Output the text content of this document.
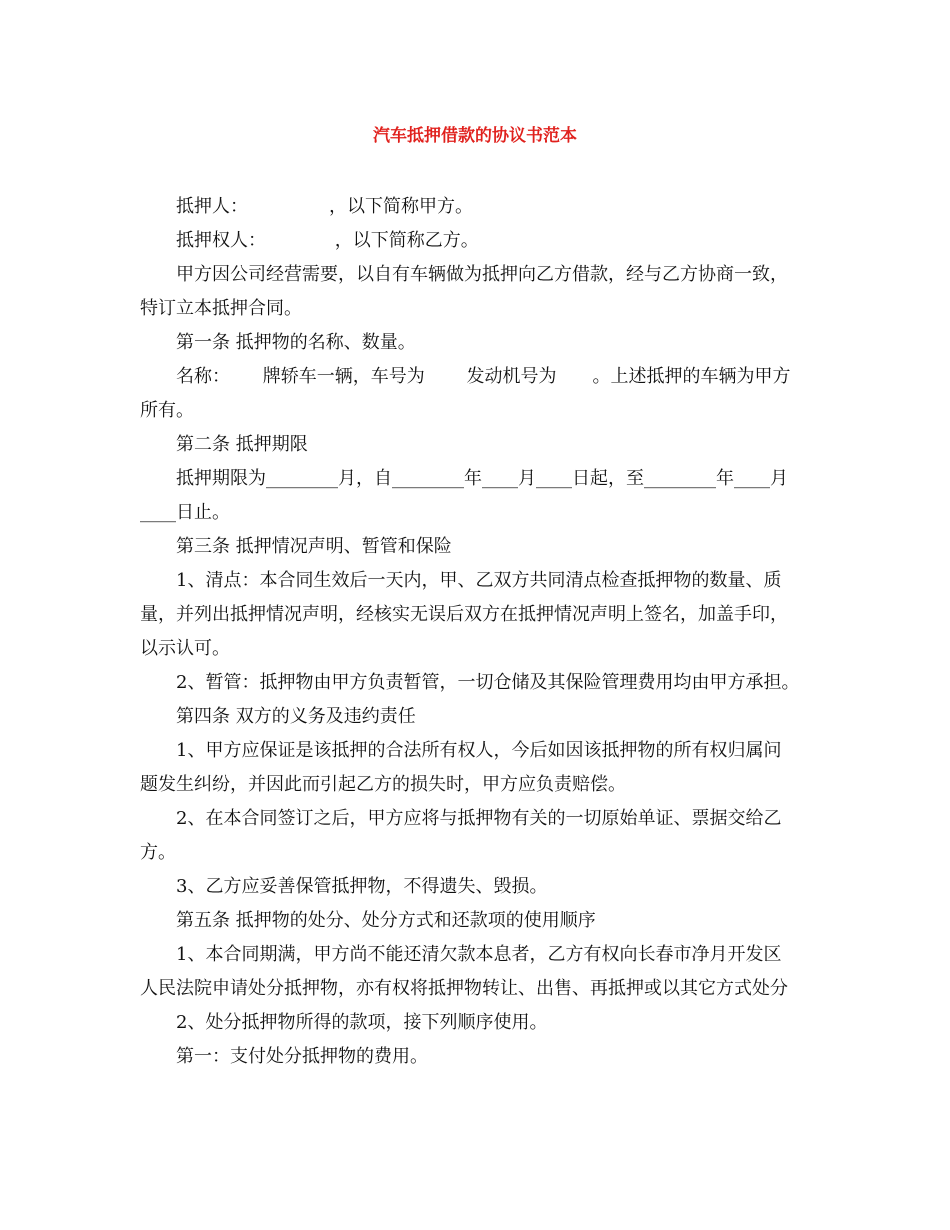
汽车抵押借款的协议书范本
抵押人：　　　　　，以下简称甲方。
抵押权人：　　　　 ，以下简称乙方。
甲方因公司经营需要，以自有车辆做为抵押向乙方借款，经与乙方协商一致，
特订立本抵押合同。
第一条 抵押物的名称、数量。
名称：　　 牌轿车一辆，车号为　　 发动机号为　　。上述抵押的车辆为甲方
所有。
第二条 抵押期限
抵押期限为________月，自________年____月____日起，至________年____月
____日止。
第三条 抵押情况声明、暂管和保险
1、清点：本合同生效后一天内，甲、乙双方共同清点检查抵押物的数量、质
量，并列出抵押情况声明，经核实无误后双方在抵押情况声明上签名，加盖手印，
以示认可。
2、暂管：抵押物由甲方负责暂管，一切仓储及其保险管理费用均由甲方承担。
第四条 双方的义务及违约责任
1、甲方应保证是该抵押的合法所有权人，今后如因该抵押物的所有权归属问
题发生纠纷，并因此而引起乙方的损失时，甲方应负责赔偿。
2、在本合同签订之后，甲方应将与抵押物有关的一切原始单证、票据交给乙
方。
3、乙方应妥善保管抵押物，不得遗失、毁损。
第五条 抵押物的处分、处分方式和还款项的使用顺序
1、本合同期满，甲方尚不能还清欠款本息者，乙方有权向长春市净月开发区
人民法院申请处分抵押物，亦有权将抵押物转让、出售、再抵押或以其它方式处分
2、处分抵押物所得的款项，接下列顺序使用。
第一：支付处分抵押物的费用。
